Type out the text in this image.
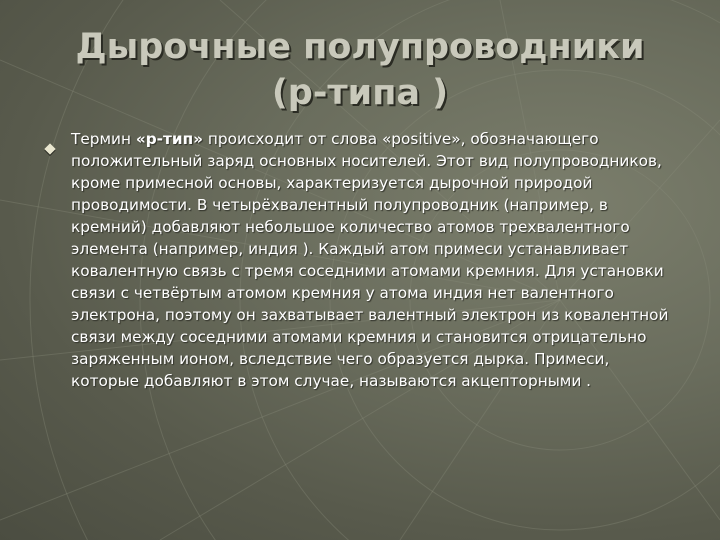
Дырочные полупроводники
(р-типа )

Термин «р-тип» происходит от слова «positive», обозначающего положительный заряд основных носителей. Этот вид полупроводников, кроме примесной основы, характеризуется дырочной природой проводимости. В четырёхвалентный полупроводник (например, в кремний) добавляют небольшое количество атомов трехвалентного элемента (например, индия ). Каждый атом примеси устанавливает ковалентную связь с тремя соседними атомами кремния. Для установки связи с четвёртым атомом кремния у атома индия нет валентного электрона, поэтому он захватывает валентный электрон из ковалентной связи между соседними атомами кремния и становится отрицательно заряженным ионом, вследствие чего образуется дырка. Примеси, которые добавляют в этом случае, называются акцепторными .
